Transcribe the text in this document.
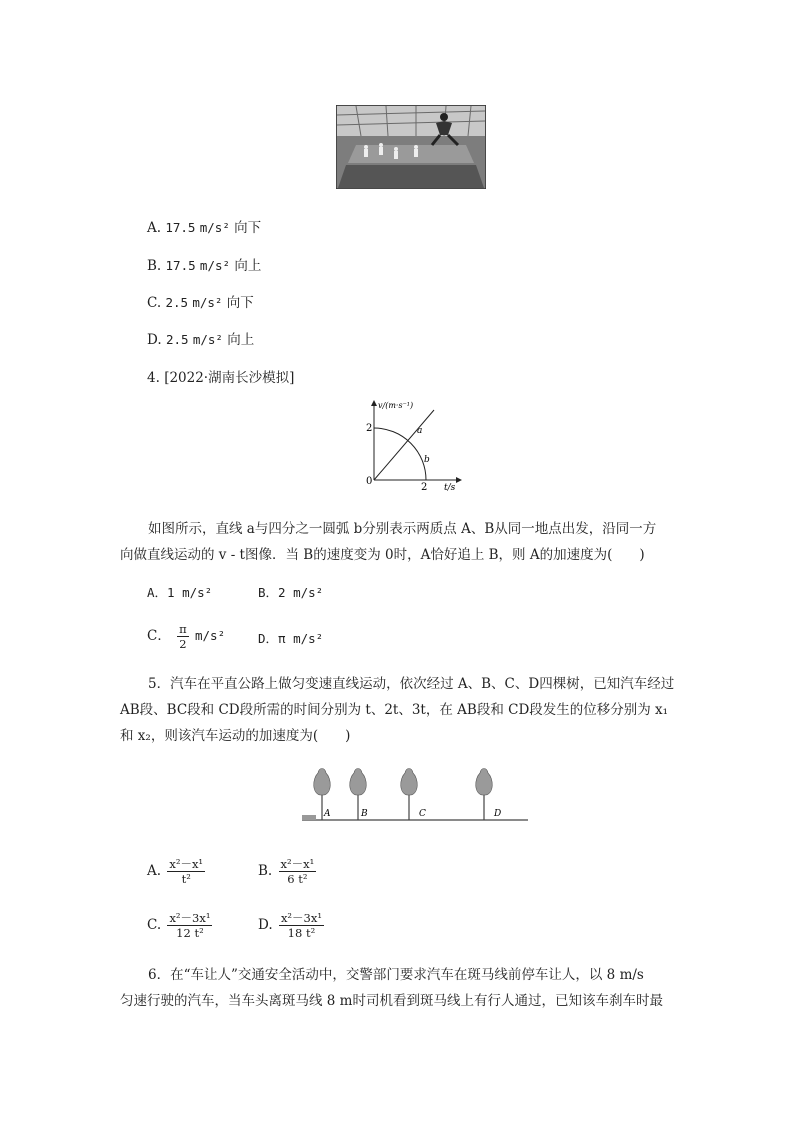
A. 17.5 m/s² 向下
B. 17.5 m/s² 向上
C. 2.5 m/s² 向下
D. 2.5 m/s² 向上
4. [2022·湖南长沙模拟]
v/(m·s⁻¹)
2
0
2 t/s
a
b
如图所示，直线 a与四分之一圆弧 b分别表示两质点 A、B从同一地点出发，沿同一方
向做直线运动的 v - t图像．当 B的速度变为 0时，A恰好追上 B，则 A的加速度为(　　)
A．1 m/s²	B．2 m/s²
C． $\frac{\pi}{2} m/s^2$	D．π m/s²
5．汽车在平直公路上做匀变速直线运动，依次经过 A、B、C、D四棵树，已知汽车经过
AB段、BC段和 CD段所需的时间分别为 t、2t、3t，在 AB段和 CD段发生的位移分别为 x₁
和 x₂，则该汽车运动的加速度为(　　)
A	B	C	D
A. $\frac{\text{x²－x¹}}{\text{t²}}$	B. $\frac{\text{x²－x¹}}{\text{6 t²}}$
C. $\frac{\text{x²－3x¹}}{\text{12 t²}}$	D. $\frac{\text{x²－3x¹}}{\text{18 t²}}$
6．在“车让人”交通安全活动中，交警部门要求汽车在斑马线前停车让人，以 8 m/s
匀速行驶的汽车，当车头离斑马线 8 m时司机看到斑马线上有行人通过，已知该车刹车时最
